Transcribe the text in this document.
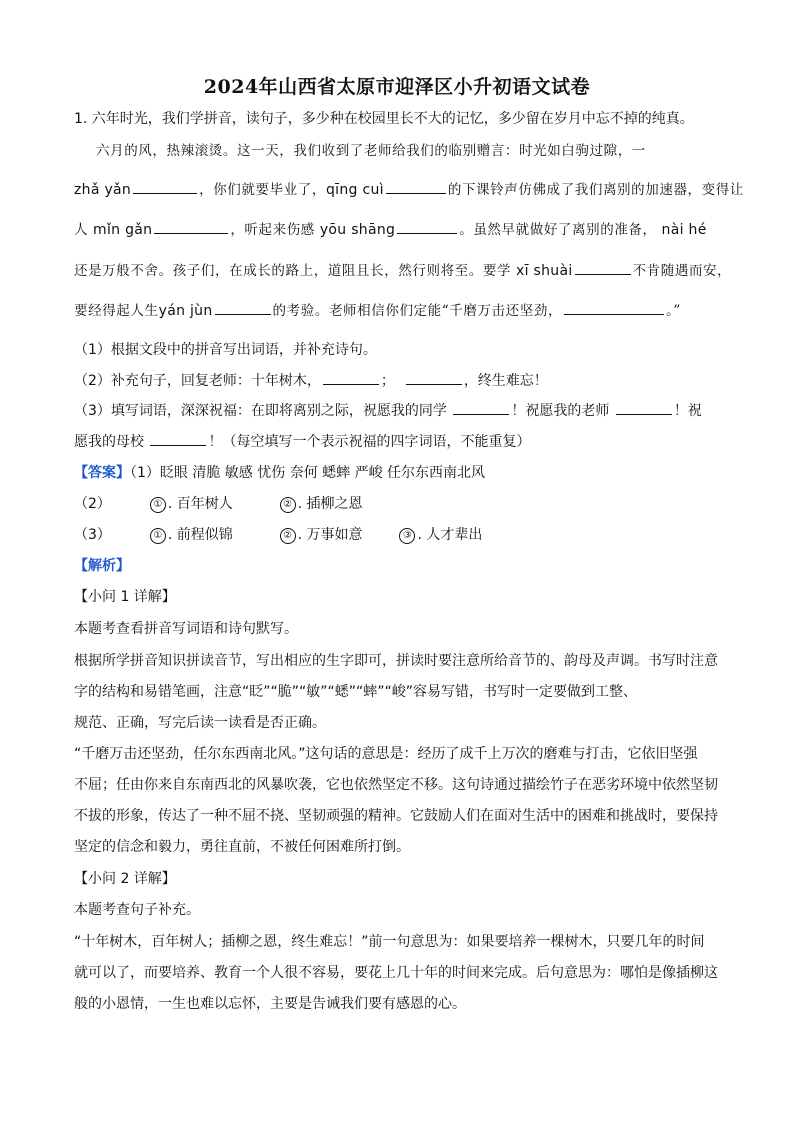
2024年山西省太原市迎泽区小升初语文试卷
1. 六年时光，我们学拼音，读句子，多少种在校园里长不大的记忆，多少留在岁月中忘不掉的纯真。
六月的风，热辣滚烫。这一天，我们收到了老师给我们的临别赠言：时光如白驹过隙，一
zhǎ yǎn	，你们就要毕业了，qīng cuì	的下课铃声仿佛成了我们离别的加速器，变得让
人 mǐn gǎn	，听起来伤感 yōu shāng	。虽然早就做好了离别的准备， nài hé
还是万般不舍。孩子们，在成长的路上，道阻且长，然行则将至。要学 xī shuài	不肯随遇而安，
要经得起人生yán jùn	的考验。老师相信你们定能“千磨万击还坚劲，	。”
（1）根据文段中的拼音写出词语，并补充诗句。
（2）补充句子，回复老师：十年树木，	；	，终生难忘！
（3）填写词语，深深祝福：在即将离别之际，祝愿我的同学	！祝愿我的老师	！祝
愿我的母校	！（每空填写一个表示祝福的四字词语，不能重复）
【答案】（1）眨眼 清脆 敏感 忧伤 奈何 蟋蟀 严峻 任尔东西南北风
（2）	① . 百年树人	② . 插柳之恩
（3）	① . 前程似锦	② . 万事如意	③ . 人才辈出
【解析】
【小问 1 详解】
本题考查看拼音写词语和诗句默写。
根据所学拼音知识拼读音节，写出相应的生字即可，拼读时要注意所给音节的、韵母及声调。书写时注意
字的结构和易错笔画，注意“眨”“脆”“敏”“蟋”“蟀”“峻”容易写错，书写时一定要做到工整、
规范、正确，写完后读一读看是否正确。
“千磨万击还坚劲，任尔东西南北风。”这句话的意思是：经历了成千上万次的磨难与打击，它依旧坚强
不屈；任由你来自东南西北的风暴吹袭，它也依然坚定不移。这句诗通过描绘竹子在恶劣环境中依然坚韧
不拔的形象，传达了一种不屈不挠、坚韧顽强的精神。它鼓励人们在面对生活中的困难和挑战时，要保持
坚定的信念和毅力，勇往直前，不被任何困难所打倒。
【小问 2 详解】
本题考查句子补充。
“十年树木，百年树人；插柳之恩，终生难忘！”前一句意思为：如果要培养一棵树木，只要几年的时间
就可以了，而要培养、教育一个人很不容易，要花上几十年的时间来完成。后句意思为：哪怕是像插柳这
般的小恩情，一生也难以忘怀，主要是告诫我们要有感恩的心。
